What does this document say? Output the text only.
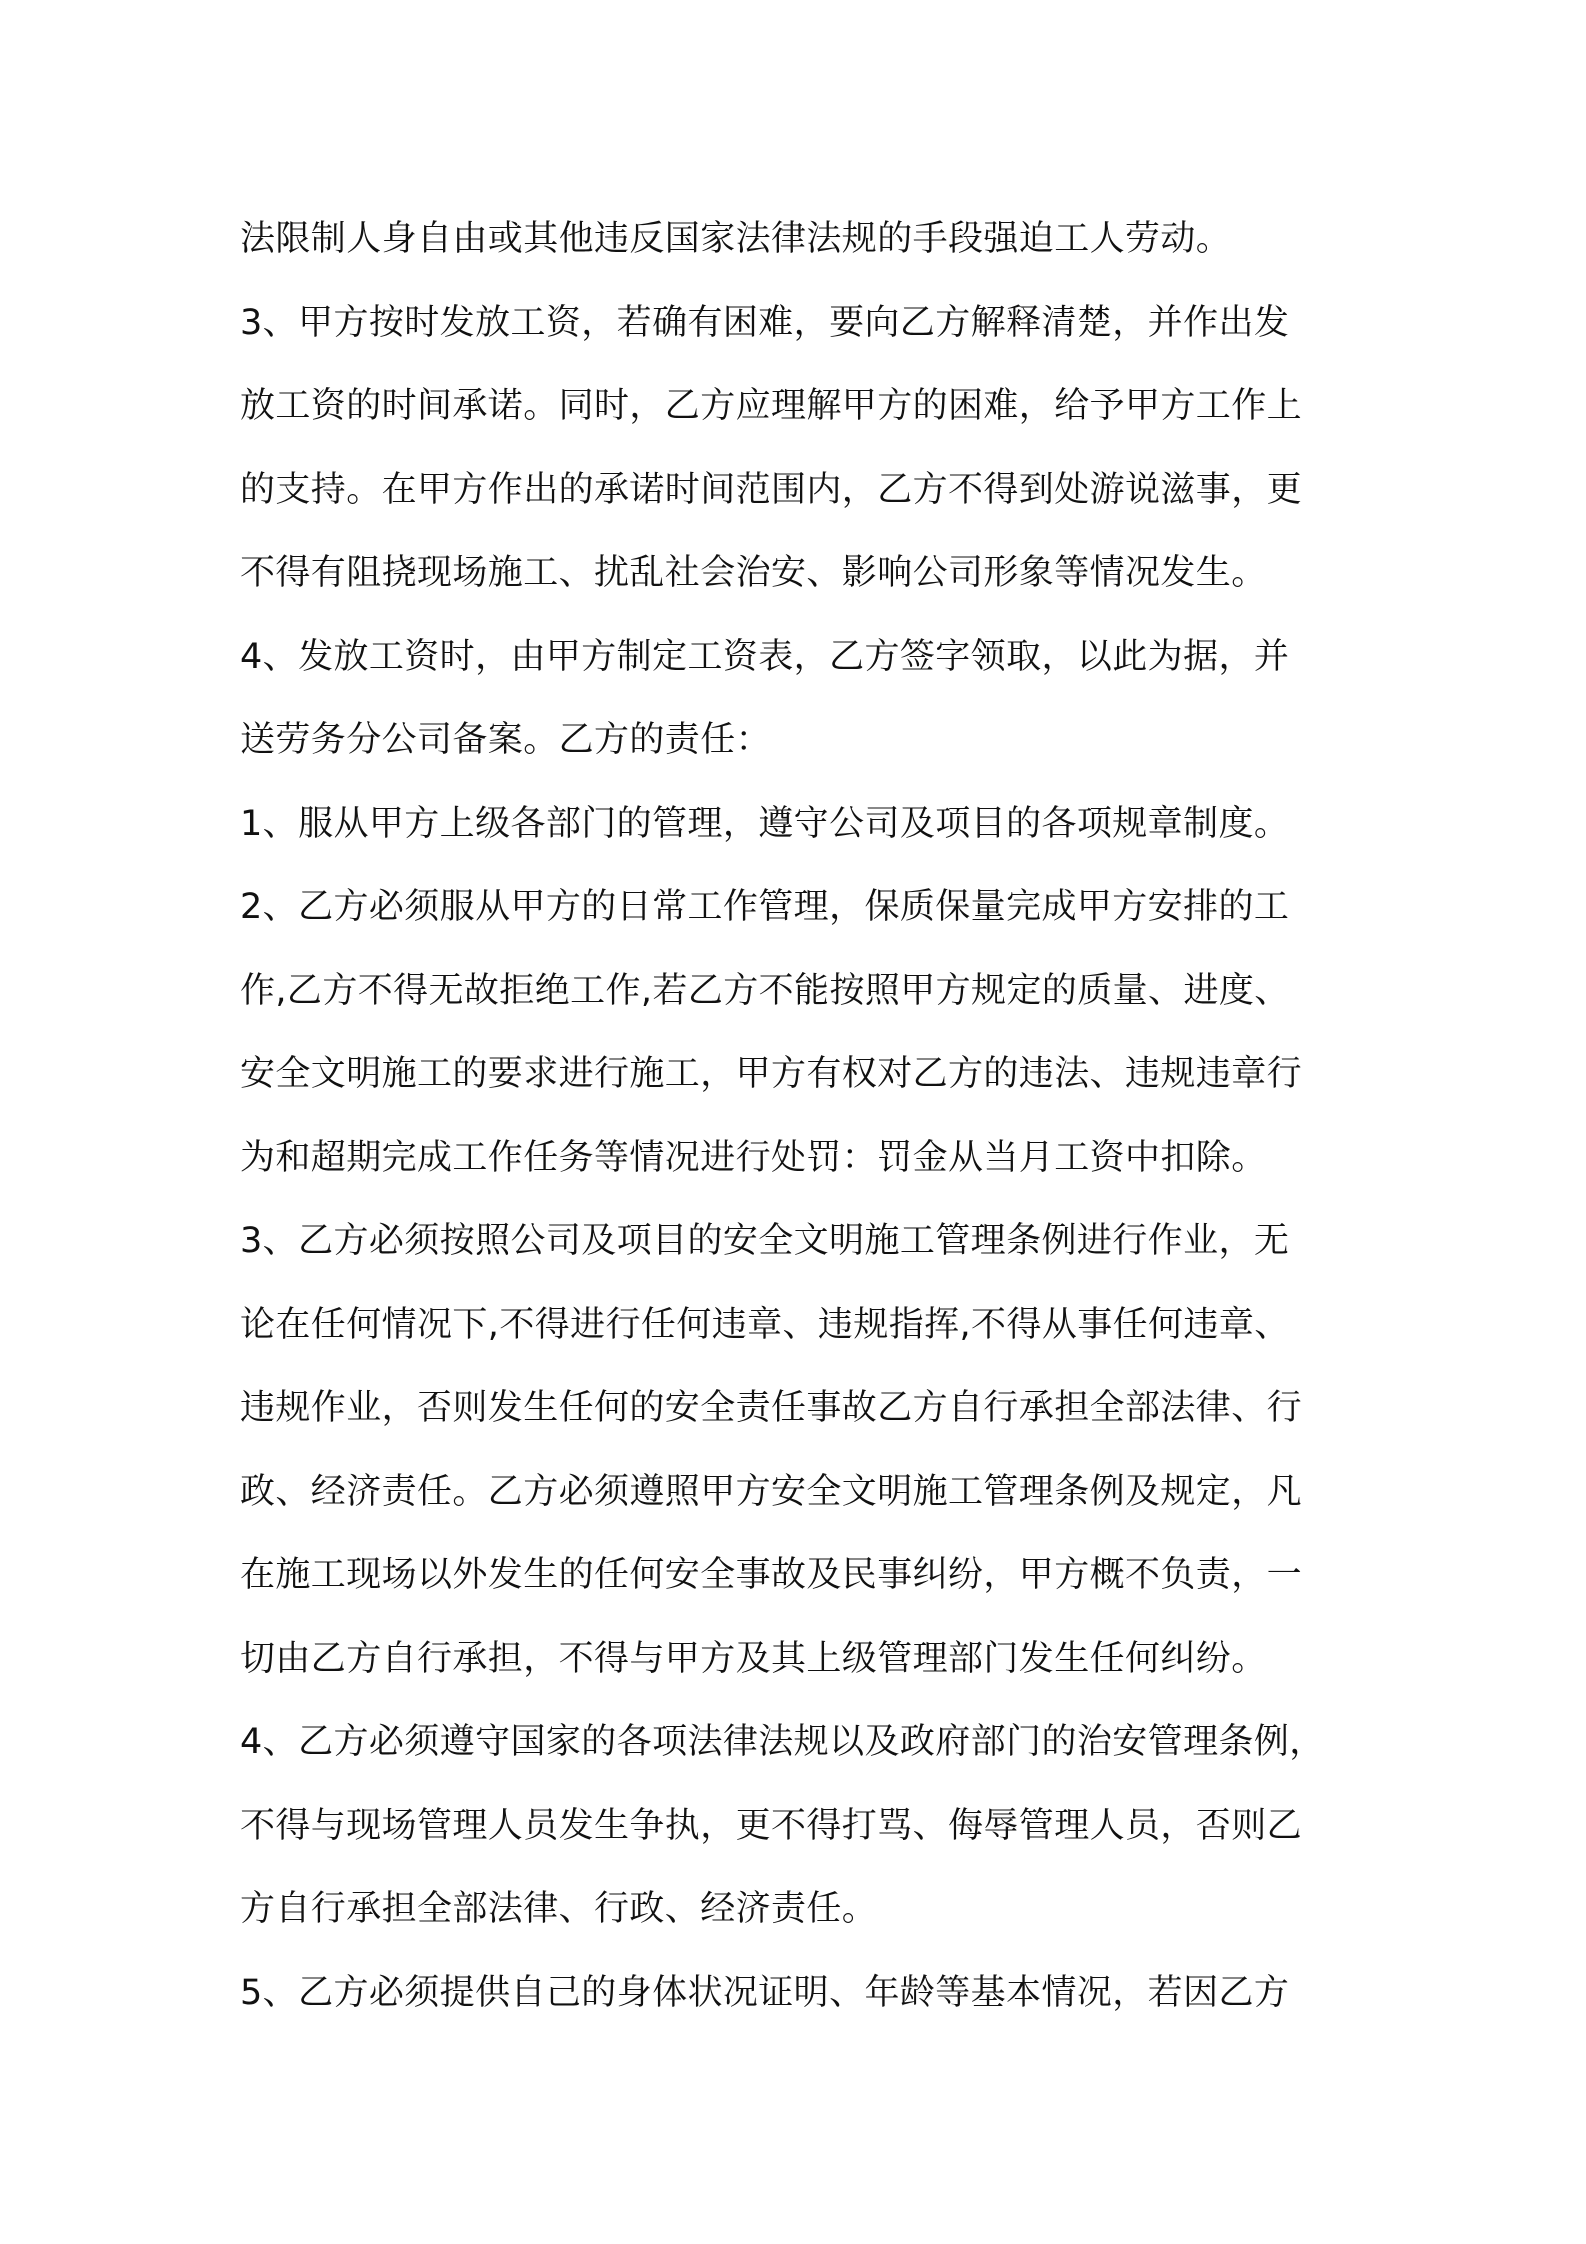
法限制人身自由或其他违反国家法律法规的手段强迫工人劳动。
3、甲方按时发放工资，若确有困难，要向乙方解释清楚，并作出发
放工资的时间承诺。同时，乙方应理解甲方的困难，给予甲方工作上
的支持。在甲方作出的承诺时间范围内，乙方不得到处游说滋事，更
不得有阻挠现场施工、扰乱社会治安、影响公司形象等情况发生。
4、发放工资时，由甲方制定工资表，乙方签字领取，以此为据，并
送劳务分公司备案。乙方的责任：
1、服从甲方上级各部门的管理，遵守公司及项目的各项规章制度。
2、乙方必须服从甲方的日常工作管理，保质保量完成甲方安排的工
作,乙方不得无故拒绝工作,若乙方不能按照甲方规定的质量、进度、
安全文明施工的要求进行施工，甲方有权对乙方的违法、违规违章行
为和超期完成工作任务等情况进行处罚：罚金从当月工资中扣除。
3、乙方必须按照公司及项目的安全文明施工管理条例进行作业，无
论在任何情况下,不得进行任何违章、违规指挥,不得从事任何违章、
违规作业，否则发生任何的安全责任事故乙方自行承担全部法律、行
政、经济责任。乙方必须遵照甲方安全文明施工管理条例及规定，凡
在施工现场以外发生的任何安全事故及民事纠纷，甲方概不负责，一
切由乙方自行承担，不得与甲方及其上级管理部门发生任何纠纷。
4、乙方必须遵守国家的各项法律法规以及政府部门的治安管理条例，
不得与现场管理人员发生争执，更不得打骂、侮辱管理人员，否则乙
方自行承担全部法律、行政、经济责任。
5、乙方必须提供自己的身体状况证明、年龄等基本情况，若因乙方
